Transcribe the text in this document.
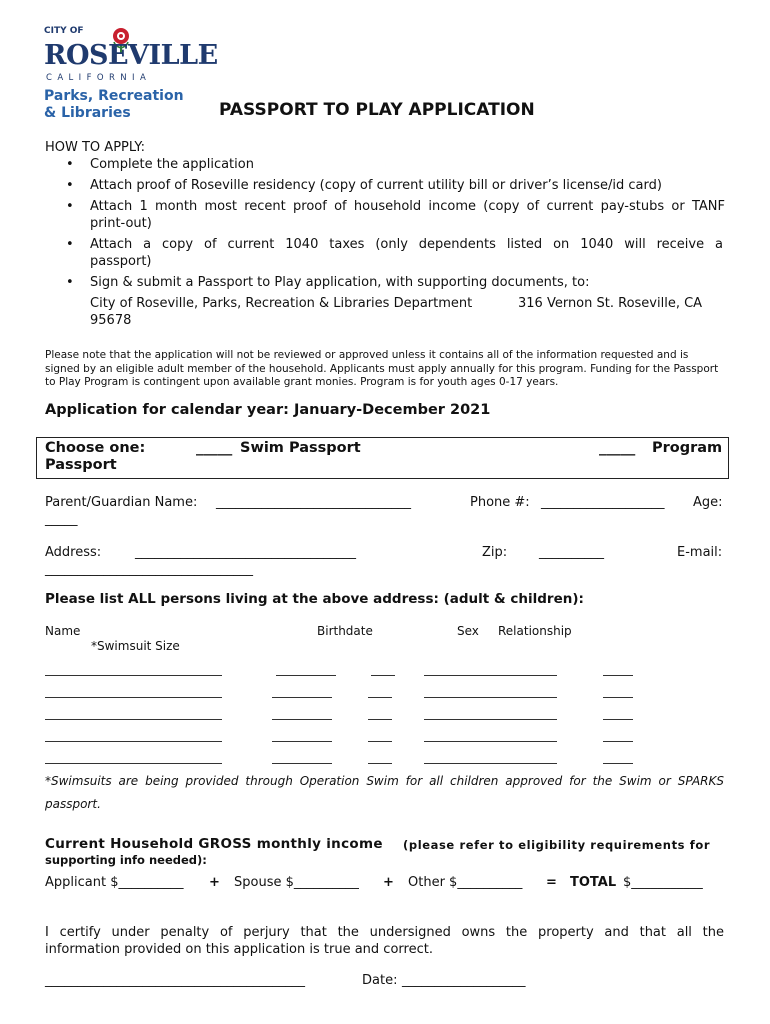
CITY OF
ROSEVILLE
CALIFORNIA
Parks, Recreation
& Libraries	PASSPORT TO PLAY APPLICATION
HOW TO APPLY:
• Complete the application
• Attach proof of Roseville residency (copy of current utility bill or driver’s license/id card)
• Attach 1 month most recent proof of household income (copy of current pay-stubs or TANF
print-out)
• Attach a copy of current 1040 taxes (only dependents listed on 1040 will receive a
passport)
• Sign & submit a Passport to Play application, with supporting documents, to:
City of Roseville, Parks, Recreation & Libraries Department	316 Vernon St. Roseville, CA
95678
Please note that the application will not be reviewed or approved unless it contains all of the information requested and is signed by an eligible adult member of the household. Applicants must apply annually for this program. Funding for the Passport to Play Program is contingent upon available grant monies. Program is for youth ages 0-17 years.
Application for calendar year: January-December 2021
Choose one:	_____ Swim Passport	_____ Program
Passport
Parent/Guardian Name: ______________________________	Phone #: ___________________ Age:
_____
Address:	__________________________________	Zip: __________	E-mail:
________________________________
Please list ALL persons living at the above address: (adult & children):
Name	Birthdate	Sex Relationship
*Swimsuit Size
*Swimsuits are being provided through Operation Swim for all children approved for the Swim or SPARKS
passport.
Current Household GROSS monthly income (please refer to eligibility requirements for
supporting info needed):
Applicant $__________ + Spouse $__________ + Other $__________ = TOTAL $___________
I certify under penalty of perjury that the undersigned owns the property and that all the
information provided on this application is true and correct.
________________________________________	Date: ___________________
